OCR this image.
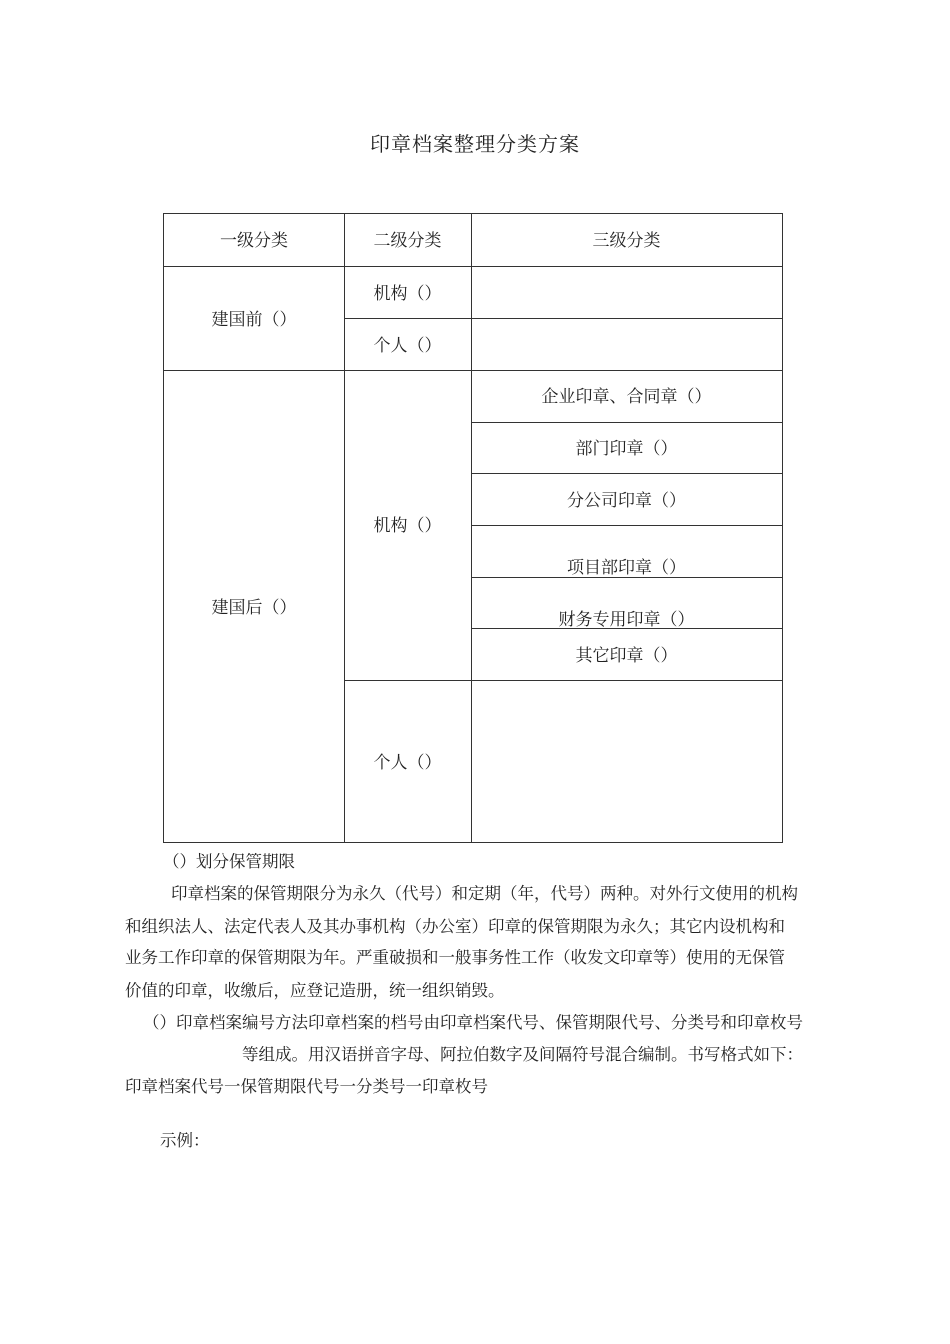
印章档案整理分类方案
一级分类	二级分类	三级分类
建国前（）
机构（）
个人（）
建国后（）
机构（）
个人（）
企业印章、合同章（）
部门印章（）
分公司印章（）
项目部印章（）
财务专用印章（）
其它印章（）
（）划分保管期限
印章档案的保管期限分为永久（代号）和定期（年，代号）两种。对外行文使用的机构
和组织法人、法定代表人及其办事机构（办公室）印章的保管期限为永久；其它内设机构和
业务工作印章的保管期限为年。严重破损和一般事务性工作（收发文印章等）使用的无保管
价值的印章，收缴后，应登记造册，统一组织销毁。
（）印章档案编号方法印章档案的档号由印章档案代号、保管期限代号、分类号和印章枚号
等组成。用汉语拼音字母、阿拉伯数字及间隔符号混合编制。书写格式如下：
印章档案代号一保管期限代号一分类号一印章枚号
示例：
